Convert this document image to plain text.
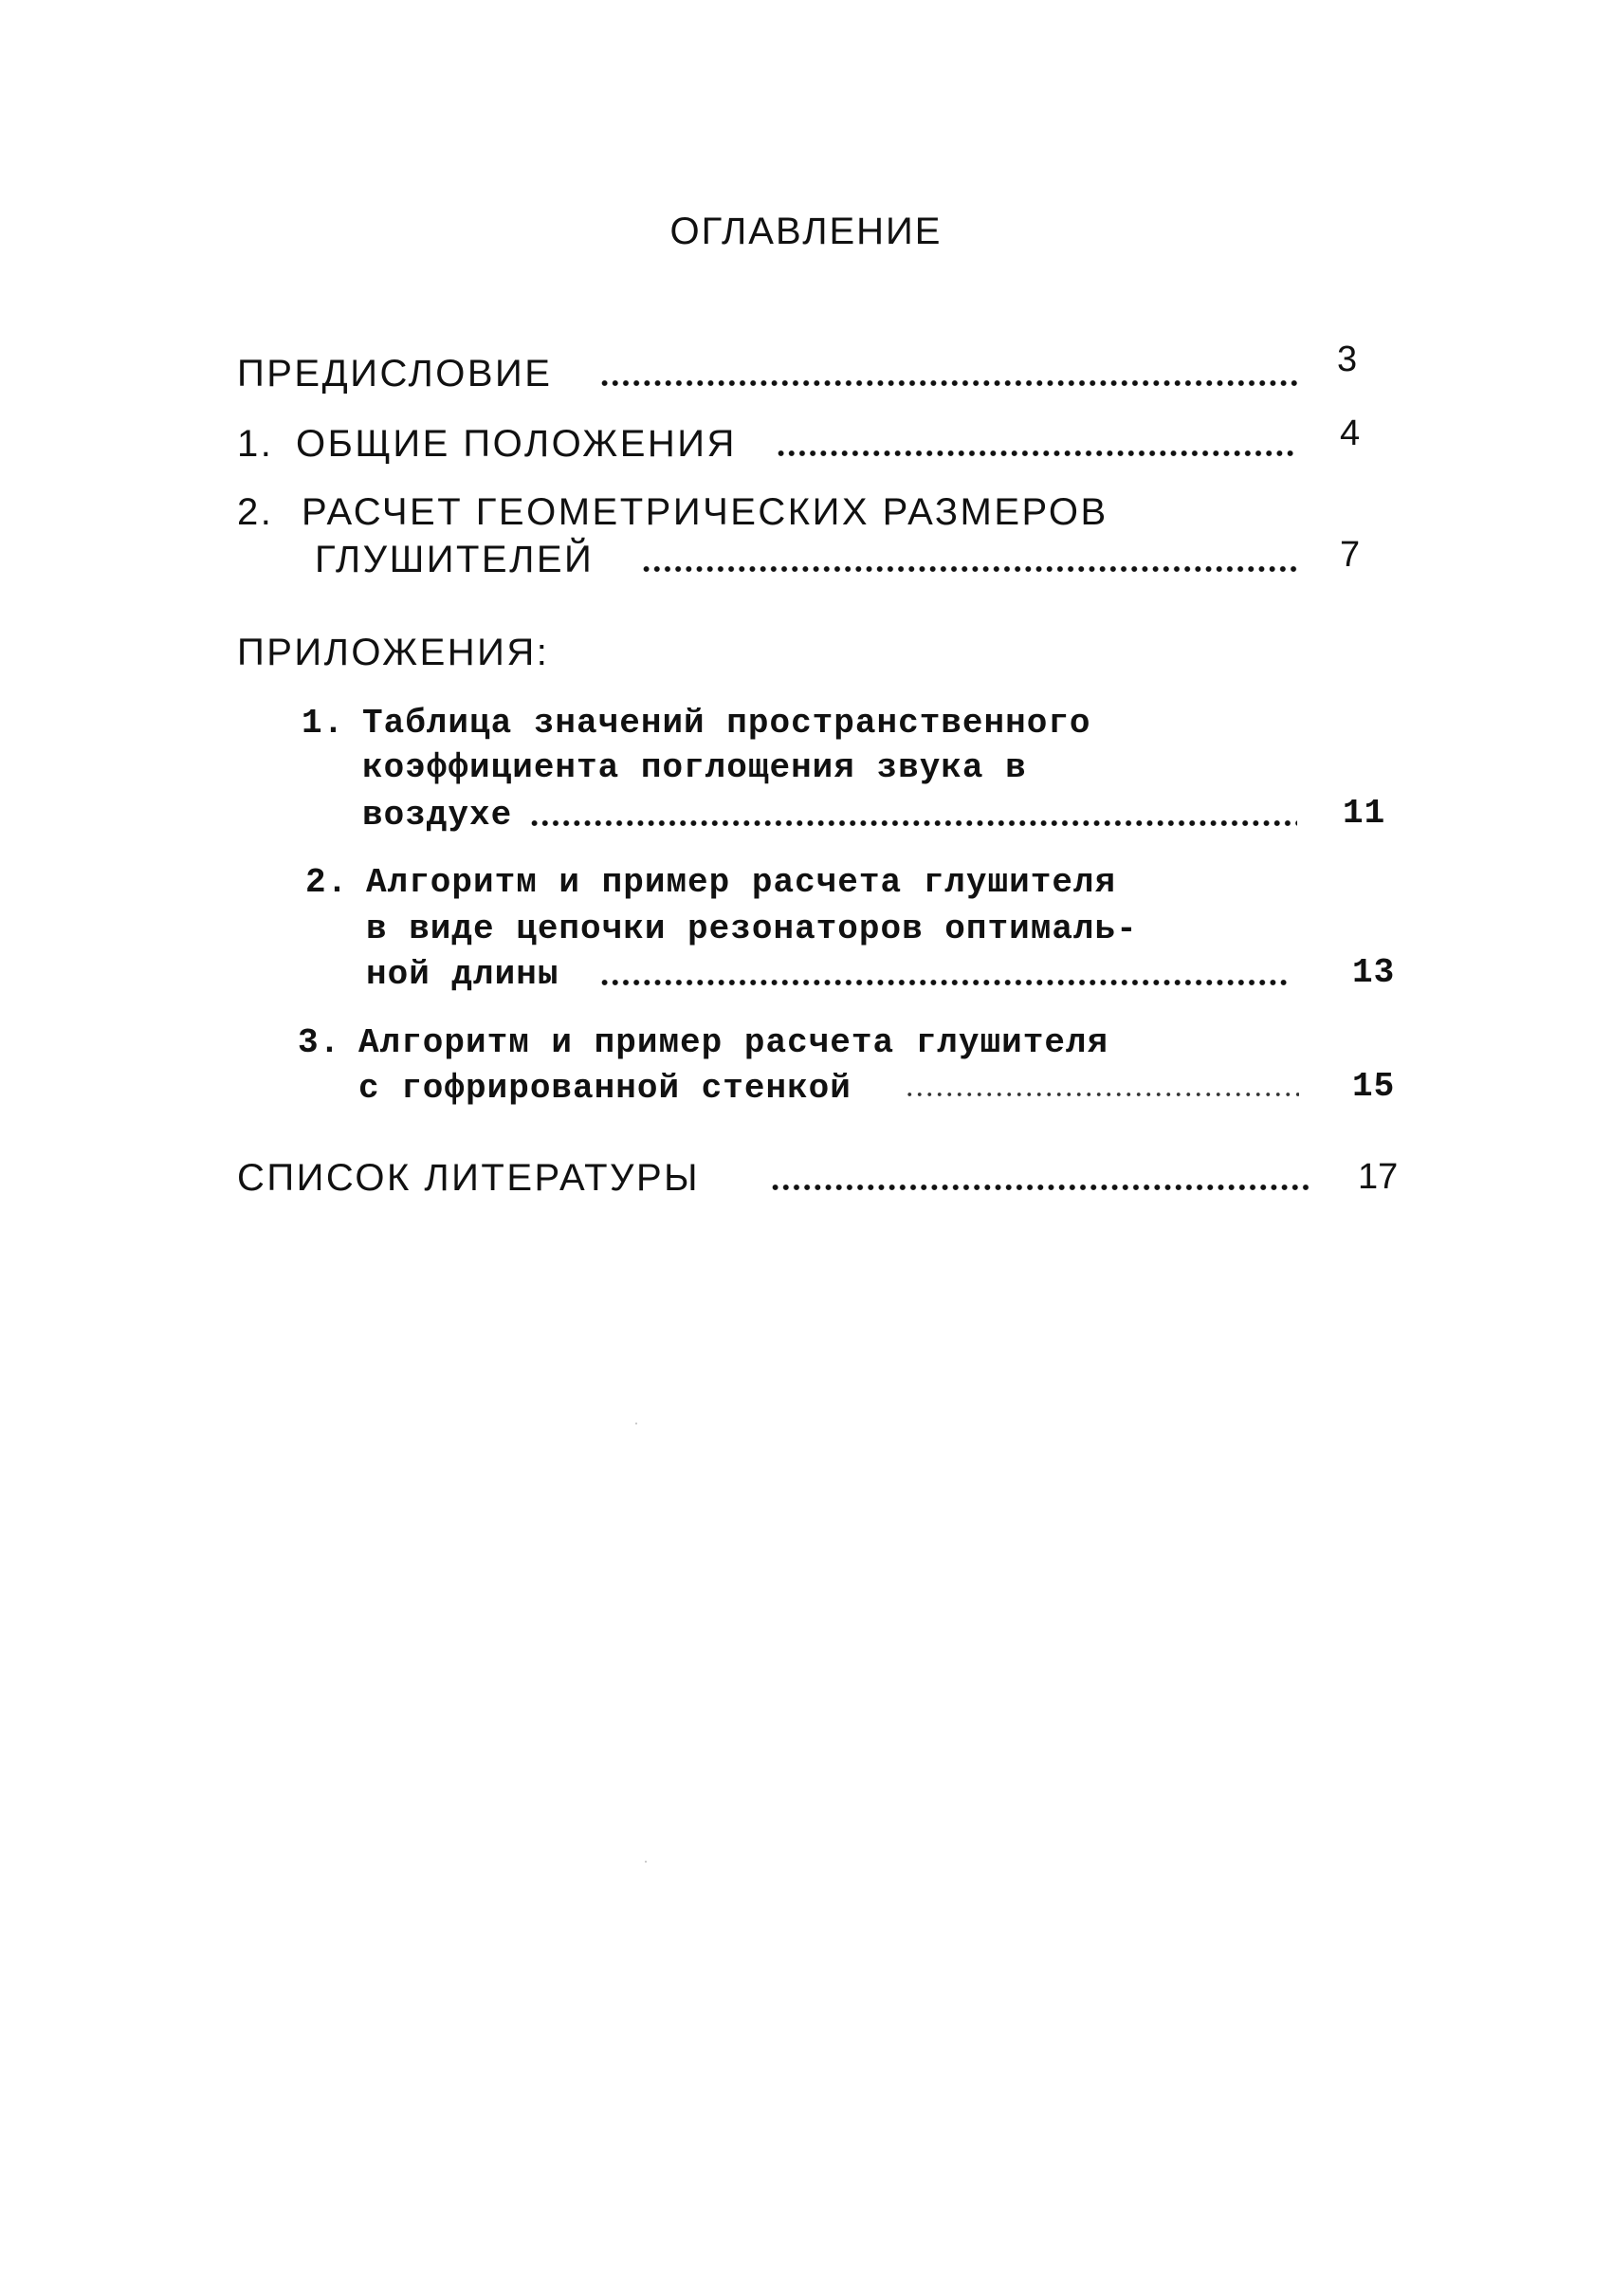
ОГЛАВЛЕНИЕ
ПРЕДИСЛОВИЕ	3
1. ОБЩИЕ ПОЛОЖЕНИЯ	4
2. РАСЧЕТ ГЕОМЕТРИЧЕСКИХ РАЗМЕРОВ
ГЛУШИТЕЛЕЙ	7
ПРИЛОЖЕНИЯ:
1. Таблица значений пространственного
коэффициента поглощения звука в
воздухе	11
2. Алгоритм и пример расчета глушителя
в виде цепочки резонаторов оптималь-
ной длины	13
3. Алгоритм и пример расчета глушителя
с гофрированной стенкой	15
СПИСОК ЛИТЕРАТУРЫ	17
